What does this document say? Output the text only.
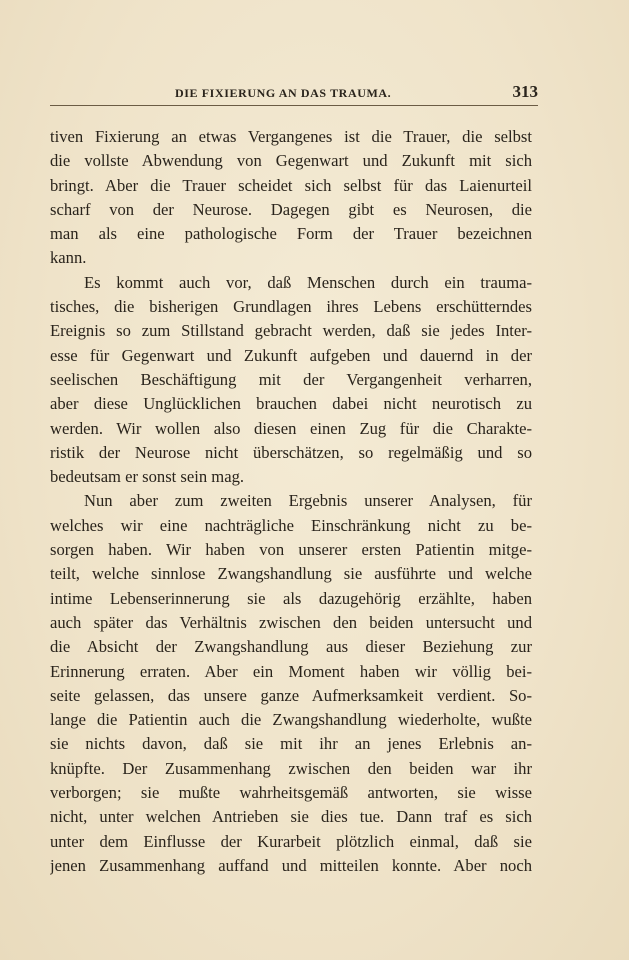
DIE FIXIERUNG AN DAS TRAUMA.	313
tiven Fixierung an etwas Vergangenes ist die Trauer, die selbst
die vollste Abwendung von Gegenwart und Zukunft mit sich
bringt. Aber die Trauer scheidet sich selbst für das Laienurteil
scharf von der Neurose. Dagegen gibt es Neurosen, die
man als eine pathologische Form der Trauer bezeichnen
kann.
Es kommt auch vor, daß Menschen durch ein trauma-
tisches, die bisherigen Grundlagen ihres Lebens erschütterndes
Ereignis so zum Stillstand gebracht werden, daß sie jedes Inter-
esse für Gegenwart und Zukunft aufgeben und dauernd in der
seelischen Beschäftigung mit der Vergangenheit verharren,
aber diese Unglücklichen brauchen dabei nicht neurotisch zu
werden. Wir wollen also diesen einen Zug für die Charakte-
ristik der Neurose nicht überschätzen, so regelmäßig und so
bedeutsam er sonst sein mag.
Nun aber zum zweiten Ergebnis unserer Analysen, für
welches wir eine nachträgliche Einschränkung nicht zu be-
sorgen haben. Wir haben von unserer ersten Patientin mitge-
teilt, welche sinnlose Zwangshandlung sie ausführte und welche
intime Lebenserinnerung sie als dazugehörig erzählte, haben
auch später das Verhältnis zwischen den beiden untersucht und
die Absicht der Zwangshandlung aus dieser Beziehung zur
Erinnerung erraten. Aber ein Moment haben wir völlig bei-
seite gelassen, das unsere ganze Aufmerksamkeit verdient. So-
lange die Patientin auch die Zwangshandlung wiederholte, wußte
sie nichts davon, daß sie mit ihr an jenes Erlebnis an-
knüpfte. Der Zusammenhang zwischen den beiden war ihr
verborgen; sie mußte wahrheitsgemäß antworten, sie wisse
nicht, unter welchen Antrieben sie dies tue. Dann traf es sich
unter dem Einflusse der Kurarbeit plötzlich einmal, daß sie
jenen Zusammenhang auffand und mitteilen konnte. Aber noch
